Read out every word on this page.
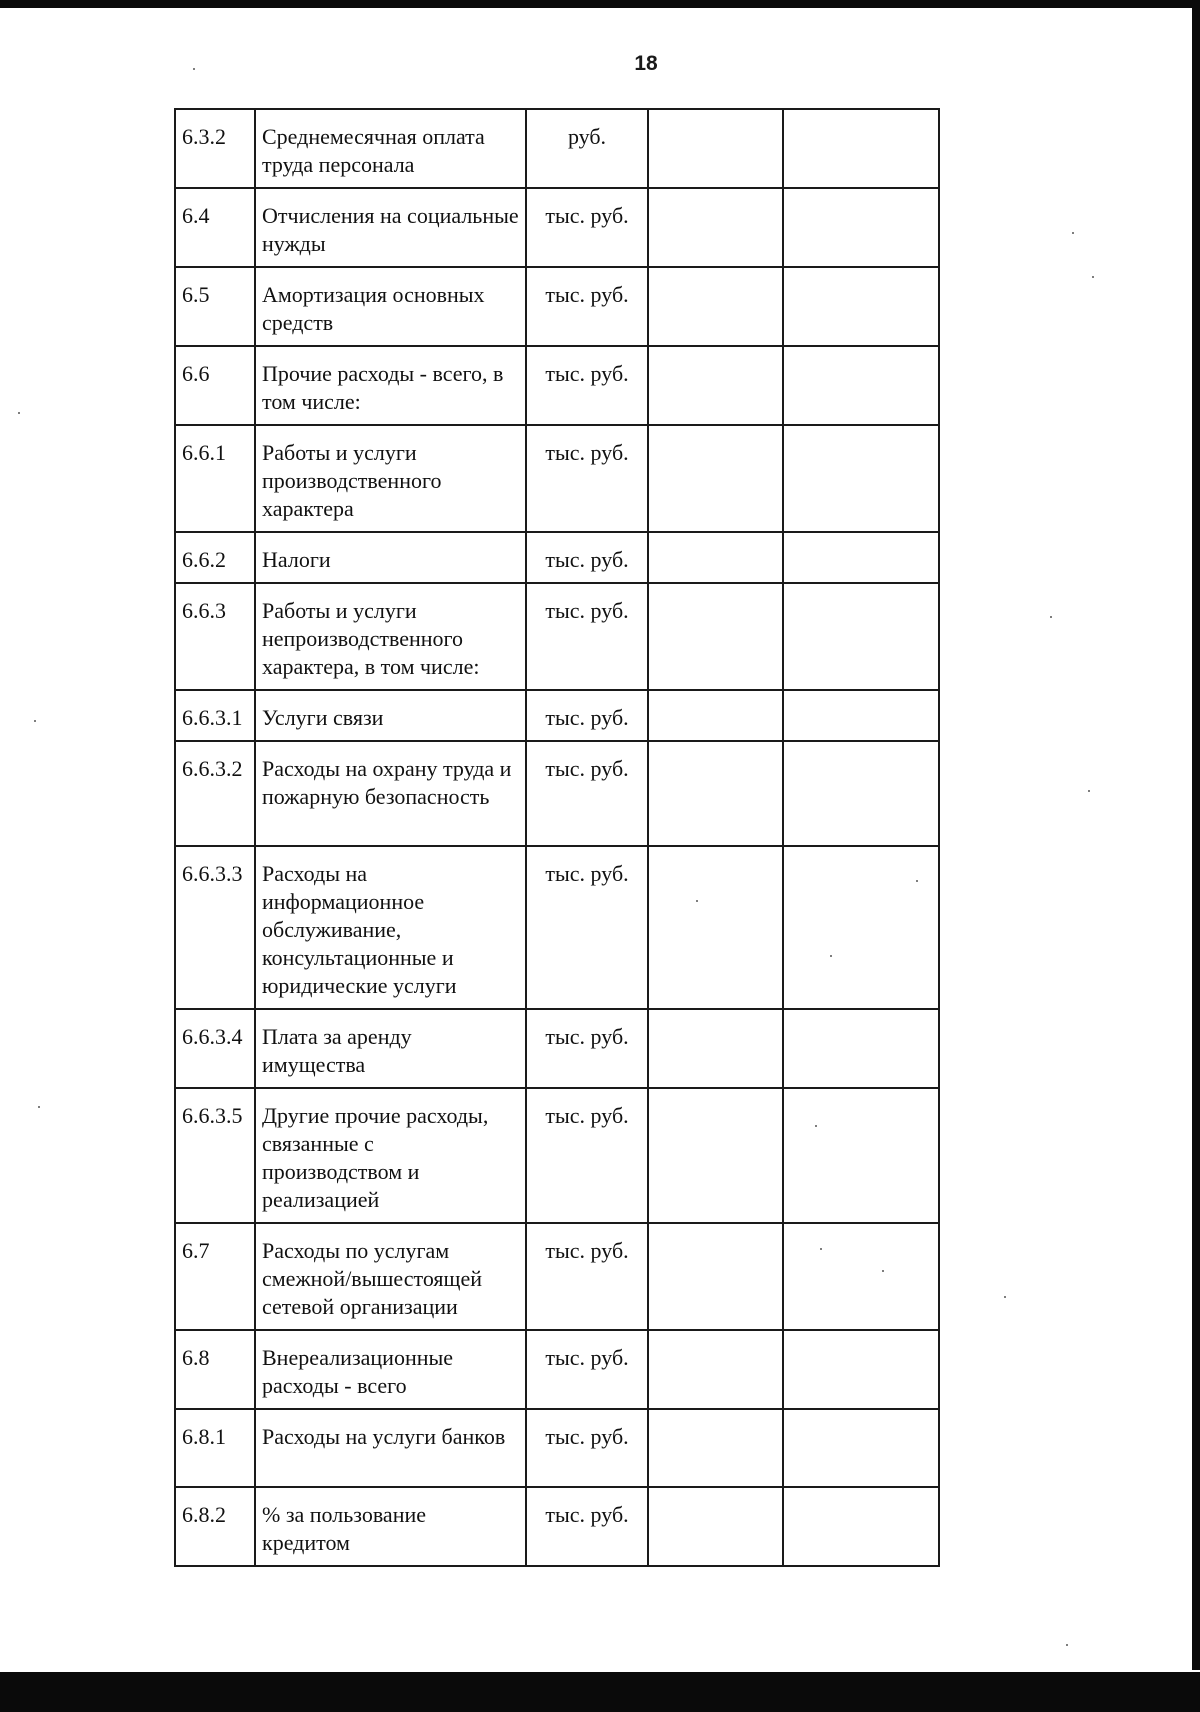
18
6.3.2	Среднемесячная оплата труда персонала	руб.		
6.4	Отчисления на социальные нужды	тыс. руб.		
6.5	Амортизация основных средств	тыс. руб.		
6.6	Прочие расходы - всего, в том числе:	тыс. руб.		
6.6.1	Работы и услуги производственного характера	тыс. руб.		
6.6.2	Налоги	тыс. руб.		
6.6.3	Работы и услуги непроизводственного характера, в том числе:	тыс. руб.		
6.6.3.1	Услуги связи	тыс. руб.		
6.6.3.2	Расходы на охрану труда и пожарную безопасность	тыс. руб.		
6.6.3.3	Расходы на информационное обслуживание, консультационные и юридические услуги	тыс. руб.		
6.6.3.4	Плата за аренду имущества	тыс. руб.		
6.6.3.5	Другие прочие расходы, связанные с производством и реализацией	тыс. руб.		
6.7	Расходы по услугам смежной/вышестоящей сетевой организации	тыс. руб.		
6.8	Внереализационные расходы - всего	тыс. руб.		
6.8.1	Расходы на услуги банков	тыс. руб.		
6.8.2	% за пользование кредитом	тыс. руб.		
